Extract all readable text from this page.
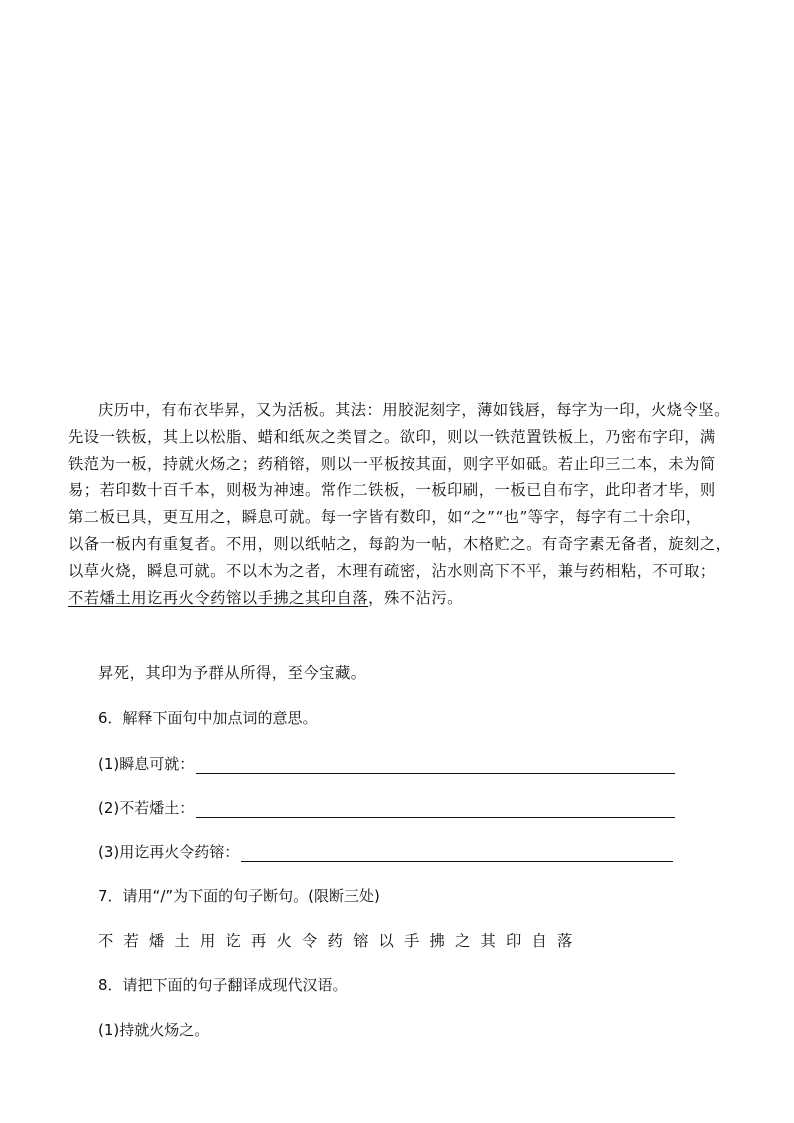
庆历中，有布衣毕昇，又为活板。其法：用胶泥刻字，薄如钱唇，每字为一印，火烧令坚。
先设一铁板，其上以松脂、蜡和纸灰之类冒之。欲印，则以一铁范置铁板上，乃密布字印，满
铁范为一板，持就火炀之；药稍镕，则以一平板按其面，则字平如砥。若止印三二本，未为简
易；若印数十百千本，则极为神速。常作二铁板，一板印刷，一板已自布字，此印者才毕，则
第二板已具，更互用之，瞬息可就。每一字皆有数印，如“之”“也”等字，每字有二十余印，
以备一板内有重复者。不用，则以纸帖之，每韵为一帖，木格贮之。有奇字素无备者，旋刻之，
以草火烧，瞬息可就。不以木为之者，木理有疏密，沾水则高下不平，兼与药相粘，不可取；
不若燔土用讫再火令药镕以手拂之其印自落，殊不沾污。
昇死，其印为予群从所得，至今宝藏。
6．解释下面句中加点词的意思。
(1)瞬息可就：
(2)不若燔土：
(3)用讫再火令药镕：
7．请用“/”为下面的句子断句。(限断三处)
不若燔土用讫再火令药镕以手拂之其印自落
8．请把下面的句子翻译成现代汉语。
(1)持就火炀之。
